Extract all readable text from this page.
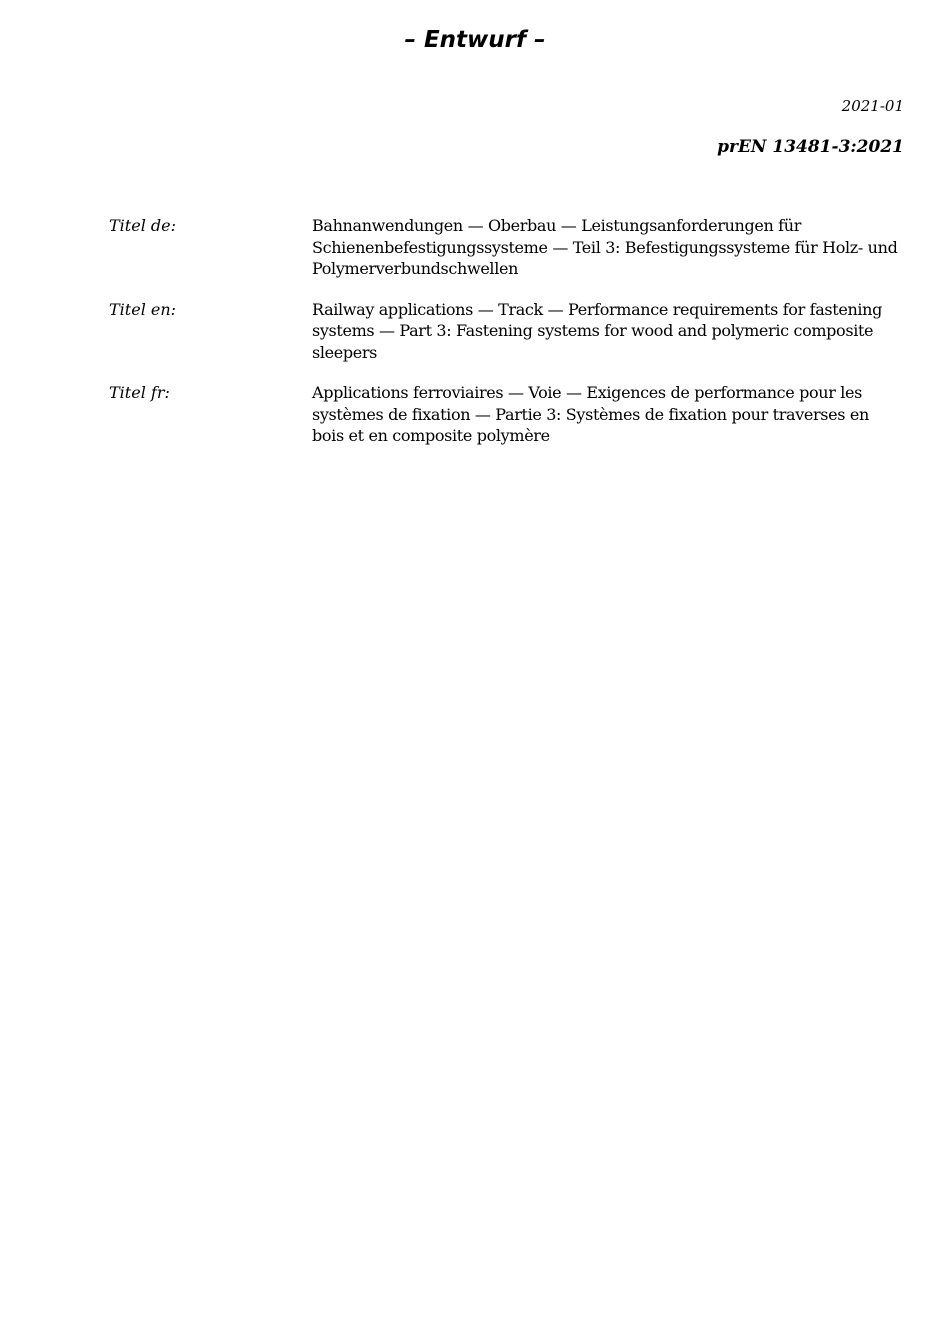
– Entwurf –
2021-01
prEN 13481-3:2021
Titel de:	Bahnanwendungen — Oberbau — Leistungsanforderungen für Schienenbefestigungssysteme — Teil 3: Befestigungssysteme für Holz- und Polymerverbundschwellen
Titel en:	Railway applications — Track — Performance requirements for fastening systems — Part 3: Fastening systems for wood and polymeric composite sleepers
Titel fr:	Applications ferroviaires — Voie — Exigences de performance pour les systèmes de fixation — Partie 3: Systèmes de fixation pour traverses en bois et en composite polymère
